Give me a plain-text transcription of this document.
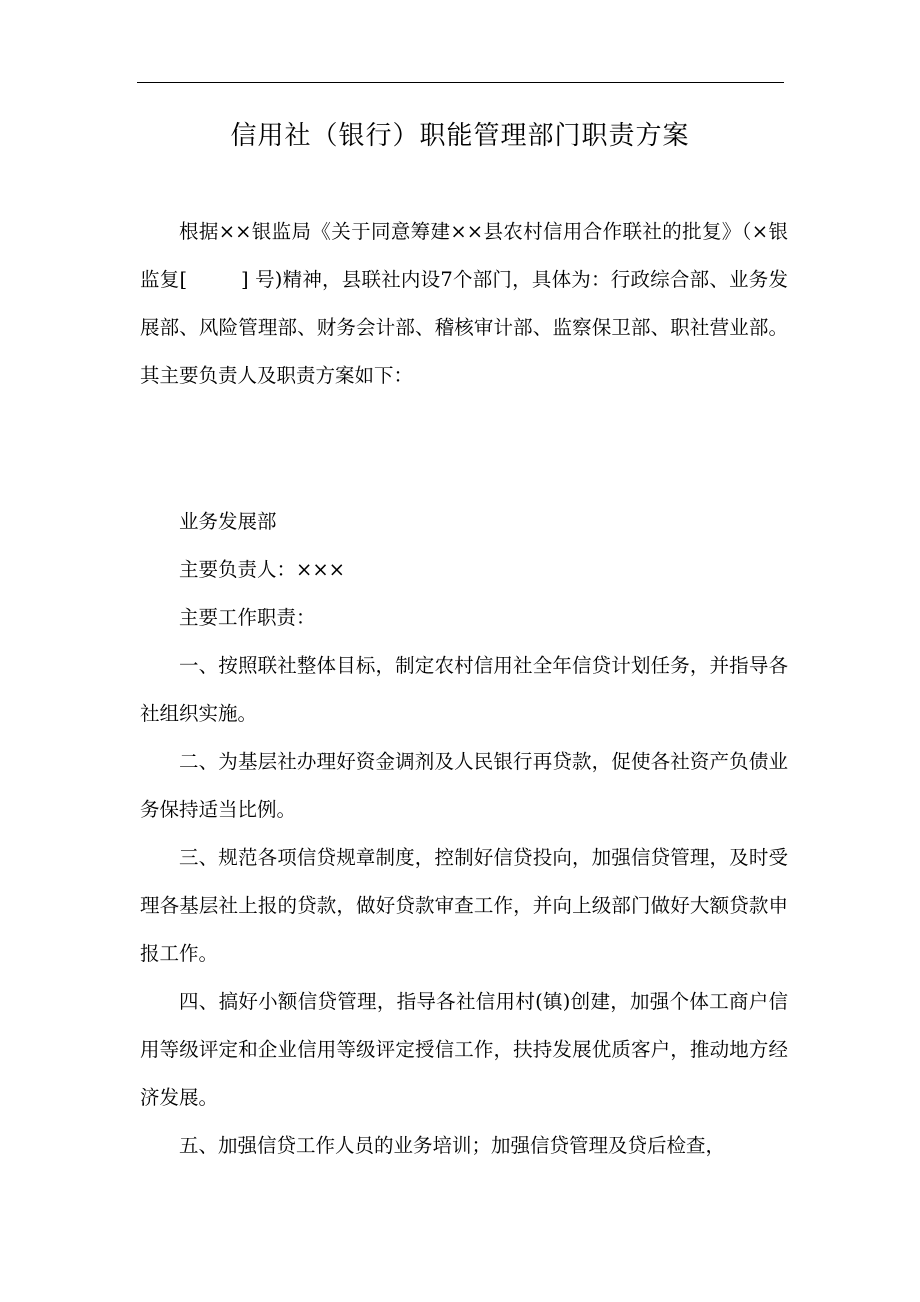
信用社（银行）职能管理部门职责方案

根据××银监局《关于同意筹建××县农村信用合作联社的批复》（×银监复[	] 号)精神，县联社内设7个部门，具体为：行政综合部、业务发展部、风险管理部、财务会计部、稽核审计部、监察保卫部、职社营业部。其主要负责人及职责方案如下：

业务发展部

主要负责人：×××

主要工作职责：

一、按照联社整体目标，制定农村信用社全年信贷计划任务，并指导各社组织实施。

二、为基层社办理好资金调剂及人民银行再贷款，促使各社资产负债业务保持适当比例。

三、规范各项信贷规章制度，控制好信贷投向，加强信贷管理，及时受理各基层社上报的贷款，做好贷款审查工作，并向上级部门做好大额贷款申报工作。

四、搞好小额信贷管理，指导各社信用村(镇)创建，加强个体工商户信用等级评定和企业信用等级评定授信工作，扶持发展优质客户，推动地方经济发展。

五、加强信贷工作人员的业务培训；加强信贷管理及贷后检查，
